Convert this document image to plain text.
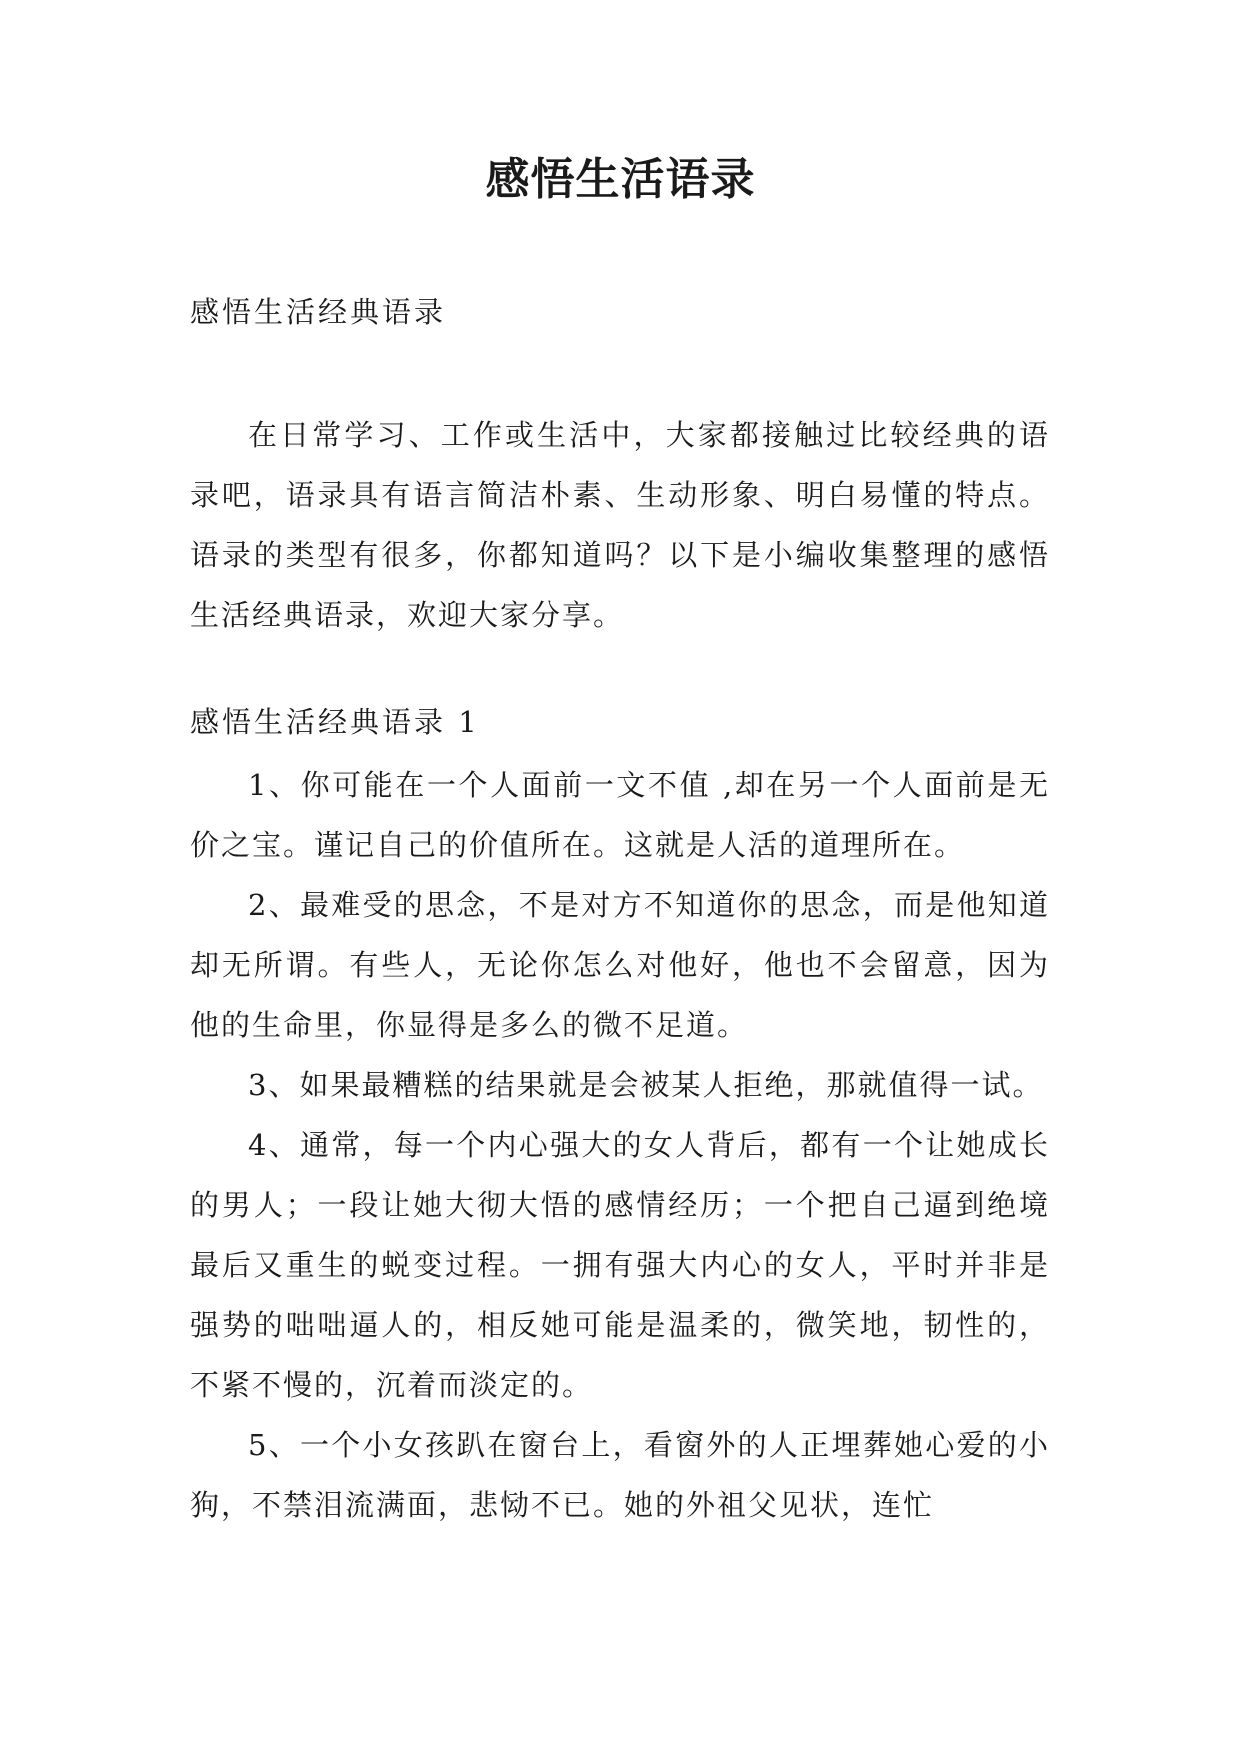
感悟生活语录
感悟生活经典语录

在日常学习、工作或生活中，大家都接触过比较经典的语录吧，语录具有语言简洁朴素、生动形象、明白易懂的特点。语录的类型有很多，你都知道吗？以下是小编收集整理的感悟生活经典语录，欢迎大家分享。

感悟生活经典语录 1

1、你可能在一个人面前一文不值 ,却在另一个人面前是无价之宝。谨记自己的价值所在。这就是人活的道理所在。

2、最难受的思念，不是对方不知道你的思念，而是他知道却无所谓。有些人，无论你怎么对他好，他也不会留意，因为他的生命里，你显得是多么的微不足道。

3、如果最糟糕的结果就是会被某人拒绝，那就值得一试。

4、通常，每一个内心强大的女人背后，都有一个让她成长的男人；一段让她大彻大悟的感情经历；一个把自己逼到绝境最后又重生的蜕变过程。一拥有强大内心的女人，平时并非是强势的咄咄逼人的，相反她可能是温柔的，微笑地，韧性的，不紧不慢的，沉着而淡定的。

5、一个小女孩趴在窗台上，看窗外的人正埋葬她心爱的小狗，不禁泪流满面，悲恸不已。她的外祖父见状，连忙
